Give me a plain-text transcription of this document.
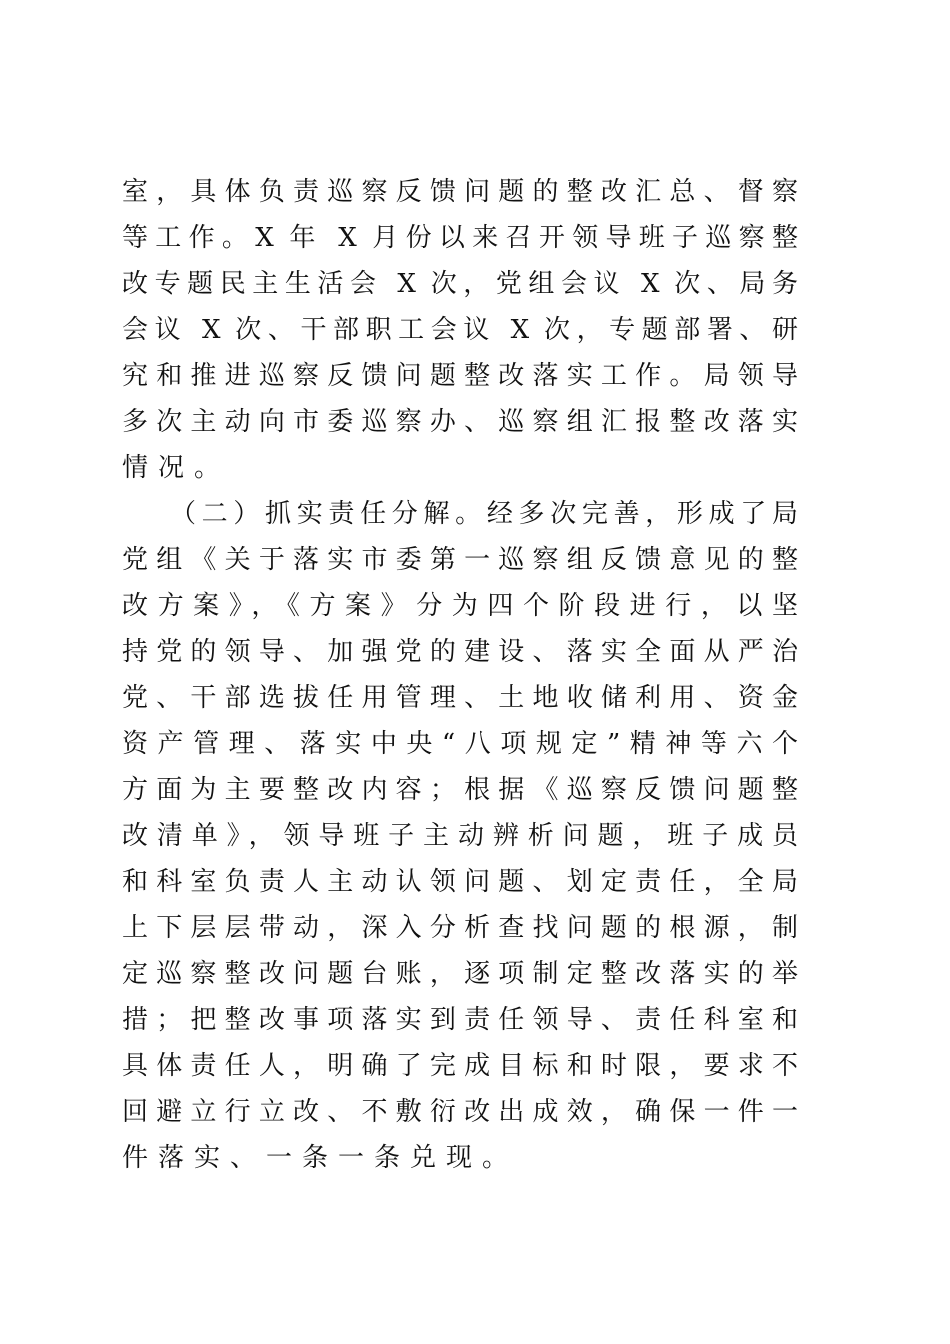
室，具体负责巡察反馈问题的整改汇总、督察
等工作。X 年 X 月份以来召开领导班子巡察整
改专题民主生活会 X 次，党组会议 X 次、局务
会议 X 次、干部职工会议 X 次，专题部署、研
究和推进巡察反馈问题整改落实工作。局领导
多次主动向市委巡察办、巡察组汇报整改落实
情况。
（二）抓实责任分解。经多次完善，形成了局
党组《关于落实市委第一巡察组反馈意见的整
改方案》，《方案》分为四个阶段进行，以坚
持党的领导、加强党的建设、落实全面从严治
党、干部选拔任用管理、土地收储利用、资金
资产管理、落实中央“八项规定”精神等六个
方面为主要整改内容；根据《巡察反馈问题整
改清单》，领导班子主动辨析问题，班子成员
和科室负责人主动认领问题、划定责任，全局
上下层层带动，深入分析查找问题的根源，制
定巡察整改问题台账，逐项制定整改落实的举
措；把整改事项落实到责任领导、责任科室和
具体责任人，明确了完成目标和时限，要求不
回避立行立改、不敷衍改出成效，确保一件一
件落实、一条一条兑现。
